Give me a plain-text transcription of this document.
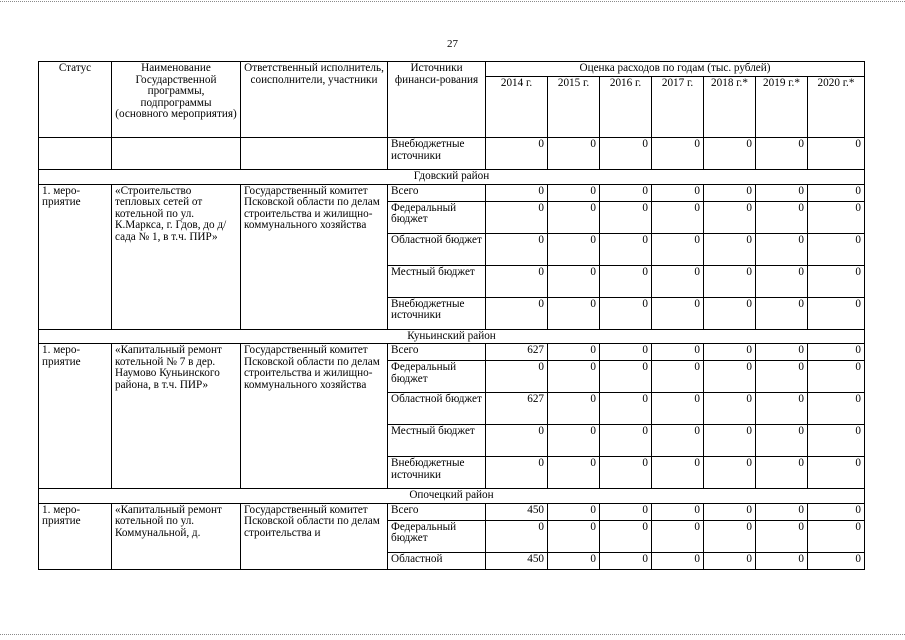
27
Статус	Наименование Государственной программы, подпрограммы (основного мероприятия)	Ответственный исполнитель, соисполнители, участники	Источники финанси-рования	Оценка расходов по годам (тыс. рублей)						
				2014 г.	2015 г.	2016 г.	2017 г.	2018 г.*	2019 г.*	2020 г.*
			Внебюджетные источники	0	0	0	0	0	0	0
Гдовский район										
1. меро-приятие	«Строительство тепловых сетей от котельной по ул. К.Маркса, г. Гдов, до д/сада № 1, в т.ч. ПИР»	Государственный комитет Псковской области по делам строительства и жилищно-коммунального хозяйства	Всего	0	0	0	0	0	0	0
			Федеральный бюджет	0	0	0	0	0	0	0
			Областной бюджет	0	0	0	0	0	0	0
			Местный бюджет	0	0	0	0	0	0	0
			Внебюджетные источники	0	0	0	0	0	0	0
Куньинский район										
1. меро-приятие	«Капитальный ремонт котельной № 7 в дер. Наумово Куньинского района, в т.ч. ПИР»	Государственный комитет Псковской области по делам строительства и жилищно-коммунального хозяйства	Всего	627	0	0	0	0	0	0
			Федеральный бюджет	0	0	0	0	0	0	0
			Областной бюджет	627	0	0	0	0	0	0
			Местный бюджет	0	0	0	0	0	0	0
			Внебюджетные источники	0	0	0	0	0	0	0
Опочецкий район										
1. меро-приятие	«Капитальный ремонт котельной по ул. Коммунальной, д.	Государственный комитет Псковской области по делам строительства и	Всего	450	0	0	0	0	0	0
			Федеральный бюджет	0	0	0	0	0	0	0
			Областной	450	0	0	0	0	0	0
